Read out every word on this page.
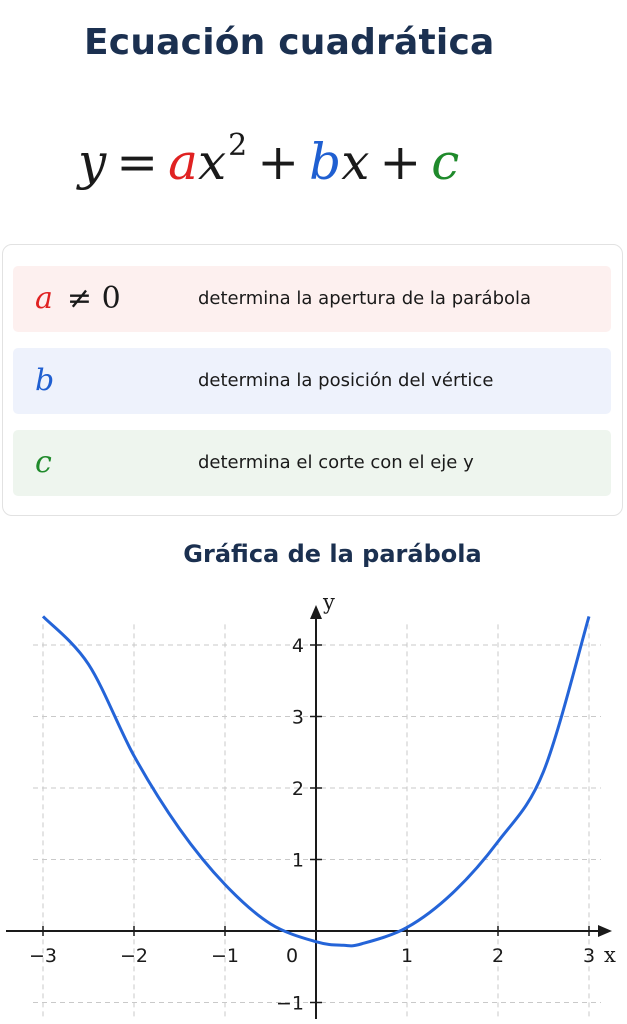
Ecuación cuadrática
$y = ax^2$ + bx + c
a ≠ 0	determina la apertura de la parábola
b	determina la posición del vértice
c	determina el corte con el eje y
Gráfica de la parábola
x
y
−3	−2	−1 0	1	2	3
−1
1
2
3
4
